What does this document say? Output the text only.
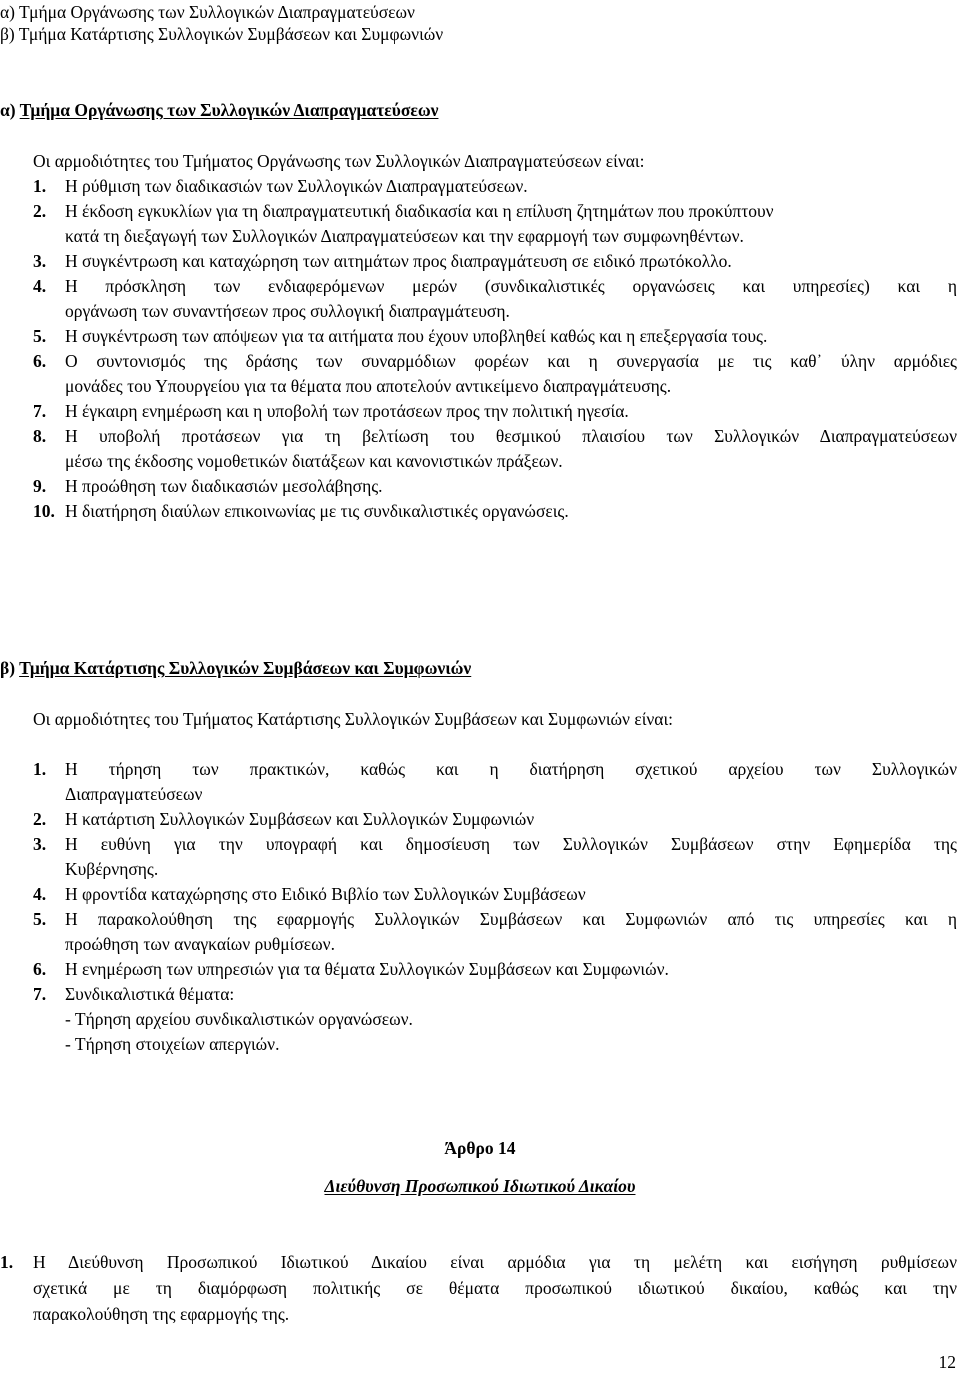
α) Τμήμα Οργάνωσης των Συλλογικών Διαπραγματεύσεων
β) Τμήμα Κατάρτισης Συλλογικών Συμβάσεων και Συμφωνιών
α) Τμήμα Οργάνωσης των Συλλογικών Διαπραγματεύσεων
Οι αρμοδιότητες του Τμήματος Οργάνωσης των Συλλογικών Διαπραγματεύσεων είναι:
1. Η ρύθμιση των διαδικασιών των Συλλογικών Διαπραγματεύσεων.
2. Η έκδοση εγκυκλίων για τη διαπραγματευτική διαδικασία και η επίλυση ζητημάτων που προκύπτουν
κατά τη διεξαγωγή των Συλλογικών Διαπραγματεύσεων και την εφαρμογή των συμφωνηθέντων.
3. Η συγκέντρωση και καταχώρηση των αιτημάτων προς διαπραγμάτευση σε ειδικό πρωτόκολλο.
4. Η πρόσκληση των ενδιαφερόμενων μερών (συνδικαλιστικές οργανώσεις και υπηρεσίες) και η
οργάνωση των συναντήσεων προς συλλογική διαπραγμάτευση.
5. Η συγκέντρωση των απόψεων για τα αιτήματα που έχουν υποβληθεί καθώς και η επεξεργασία τους.
6. Ο συντονισμός της δράσης των συναρμόδιων φορέων και η συνεργασία με τις καθ᾿ ύλην αρμόδιες
μονάδες του Υπουργείου για τα θέματα που αποτελούν αντικείμενο διαπραγμάτευσης.
7. Η έγκαιρη ενημέρωση και η υποβολή των προτάσεων προς την πολιτική ηγεσία.
8. Η υποβολή προτάσεων για τη βελτίωση του θεσμικού πλαισίου των Συλλογικών Διαπραγματεύσεων
μέσω της έκδοσης νομοθετικών διατάξεων και κανονιστικών πράξεων.
9. Η προώθηση των διαδικασιών μεσολάβησης.
10. Η διατήρηση διαύλων επικοινωνίας με τις συνδικαλιστικές οργανώσεις.
β) Τμήμα Κατάρτισης Συλλογικών Συμβάσεων και Συμφωνιών
Οι αρμοδιότητες του Τμήματος Κατάρτισης Συλλογικών Συμβάσεων και Συμφωνιών είναι:
1. Η τήρηση των πρακτικών, καθώς και η διατήρηση σχετικού αρχείου των Συλλογικών
Διαπραγματεύσεων
2. Η κατάρτιση Συλλογικών Συμβάσεων και Συλλογικών Συμφωνιών
3. Η ευθύνη για την υπογραφή και δημοσίευση των Συλλογικών Συμβάσεων στην Εφημερίδα της
Κυβέρνησης.
4. Η φροντίδα καταχώρησης στο Ειδικό Βιβλίο των Συλλογικών Συμβάσεων
5. Η παρακολούθηση της εφαρμογής Συλλογικών Συμβάσεων και Συμφωνιών από τις υπηρεσίες και η
προώθηση των αναγκαίων ρυθμίσεων.
6. Η ενημέρωση των υπηρεσιών για τα θέματα Συλλογικών Συμβάσεων και Συμφωνιών.
7. Συνδικαλιστικά θέματα:
- Τήρηση αρχείου συνδικαλιστικών οργανώσεων.
- Τήρηση στοιχείων απεργιών.
Άρθρο 14
Διεύθυνση Προσωπικού Ιδιωτικού Δικαίου
1. Η Διεύθυνση Προσωπικού Ιδιωτικού Δικαίου είναι αρμόδια για τη μελέτη και εισήγηση ρυθμίσεων
σχετικά με τη διαμόρφωση πολιτικής σε θέματα προσωπικού ιδιωτικού δικαίου, καθώς και την
παρακολούθηση της εφαρμογής της.
12
